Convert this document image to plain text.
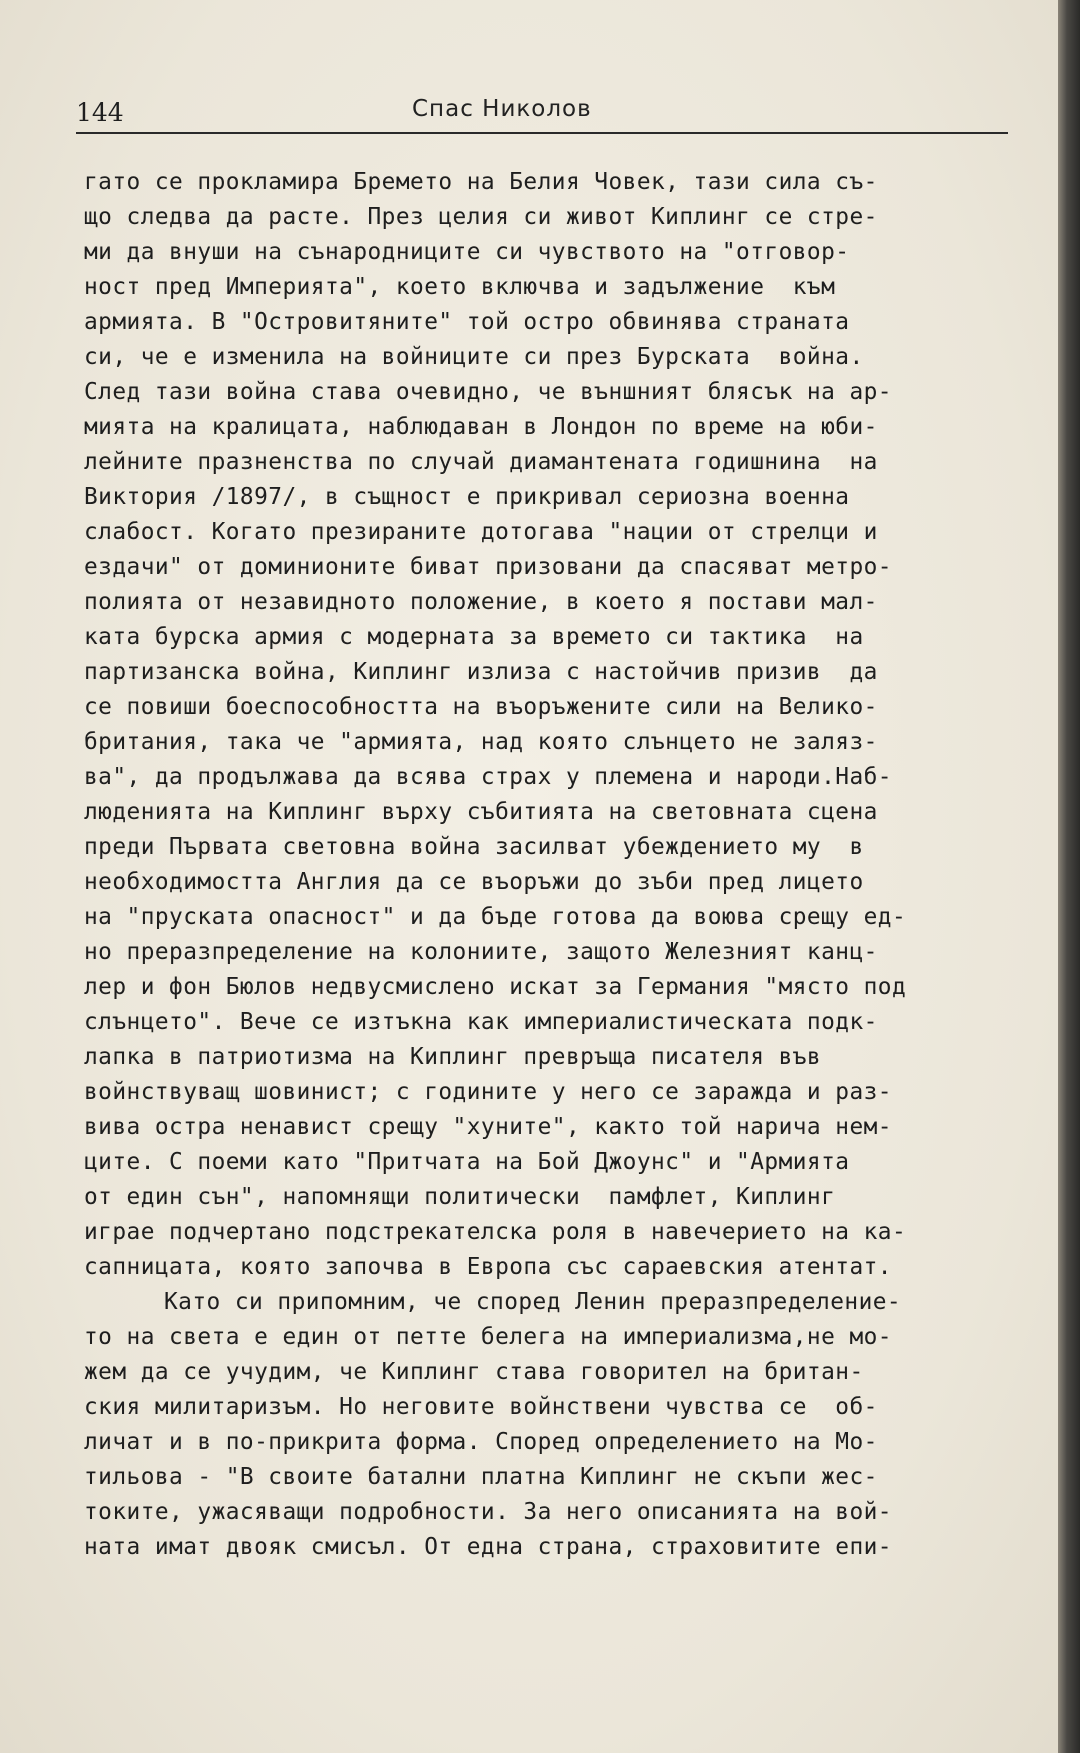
144	Спас Николов
гато се прокламира Бремето на Белия Човек, тази сила съ-
що следва да расте. През целия си живот Киплинг се стре-
ми да внуши на сънародниците си чувството на "отговор-
ност пред Империята", което включва и задължение  към
армията. В "Островитяните" той остро обвинява страната
си, че е изменила на войниците си през Бурската  война.
След тази война става очевидно, че външният блясък на ар-
мията на кралицата, наблюдаван в Лондон по време на юби-
лейните празненства по случай диамантената годишнина  на
Виктория /1897/, в същност е прикривал сериозна военна
слабост. Когато презираните дотогава "нации от стрелци и
ездачи" от доминионите биват призовани да спасяват метро-
полията от незавидното положение, в което я постави мал-
ката бурска армия с модерната за времето си тактика  на
партизанска война, Киплинг излиза с настойчив призив  да
се повиши боеспособността на въоръжените сили на Велико-
британия, така че "армията, над която слънцето не заляз-
ва", да продължава да всява страх у племена и народи.Наб-
люденията на Киплинг върху събитията на световната сцена
преди Първата световна война засилват убеждението му  в
необходимостта Англия да се въоръжи до зъби пред лицето
на "пруската опасност" и да бъде готова да воюва срещу ед-
но преразпределение на колониите, защото Железният канц-
лер и фон Бюлов недвусмислено искат за Германия "място под
слънцето". Вече се изтъкна как империалистическата подк-
лапка в патриотизма на Киплинг превръща писателя във
войнствуващ шовинист; с годините у него се заражда и раз-
вива остра ненавист срещу "хуните", както той нарича нем-
ците. С поеми като "Притчата на Бой Джоунс" и "Армията
от един сън", напомнящи политически  памфлет, Киплинг
играе подчертано подстрекателска роля в навечерието на ка-
сапницата, която започва в Европа със сараевския атентат.
Като си припомним, че според Ленин преразпределение-
то на света е един от петте белега на империализма,не мо-
жем да се учудим, че Киплинг става говорител на британ-
ския милитаризъм. Но неговите войнствени чувства се  об-
личат и в по-прикрита форма. Според определението на Мо-
тильова - "В своите батални платна Киплинг не скъпи жес-
токите, ужасяващи подробности. За него описанията на вой-
ната имат двояк смисъл. От една страна, страховитите епи-
